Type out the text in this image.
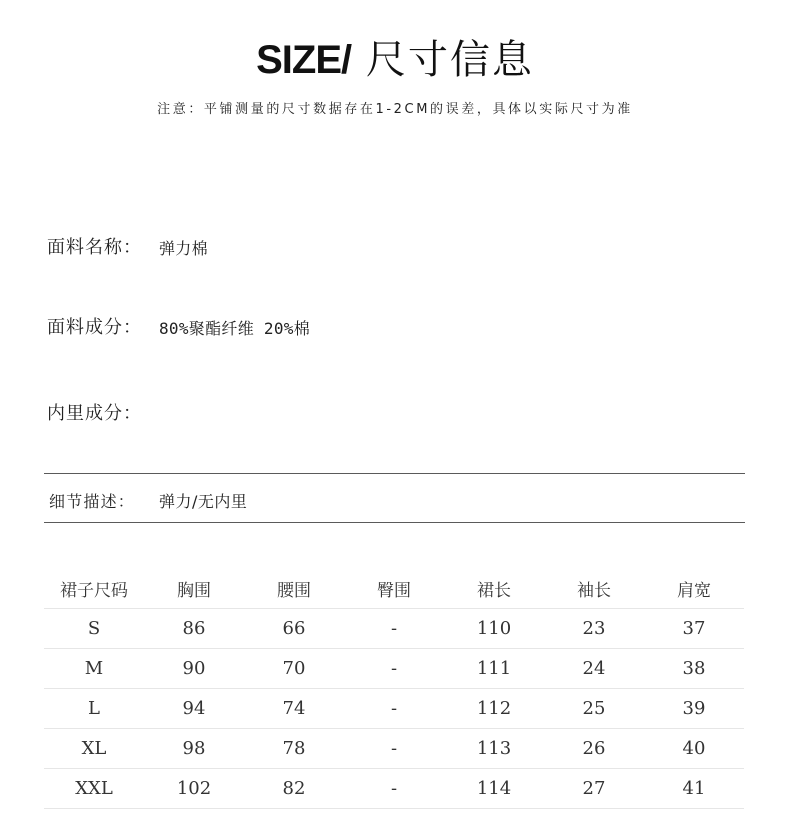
SIZE/ 尺寸信息
注意：平铺测量的尺寸数据存在1-2CM的误差，具体以实际尺寸为准
面料名称： 弹力棉
面料成分： 80%聚酯纤维 20%棉
内里成分：
细节描述： 弹力/无内里
裙子尺码	胸围	腰围	臀围	裙长	袖长	肩宽
S	86	66	-	110	23	37
M	90	70	-	111	24	38
L	94	74	-	112	25	39
XL	98	78	-	113	26	40
XXL	102	82	-	114	27	41
